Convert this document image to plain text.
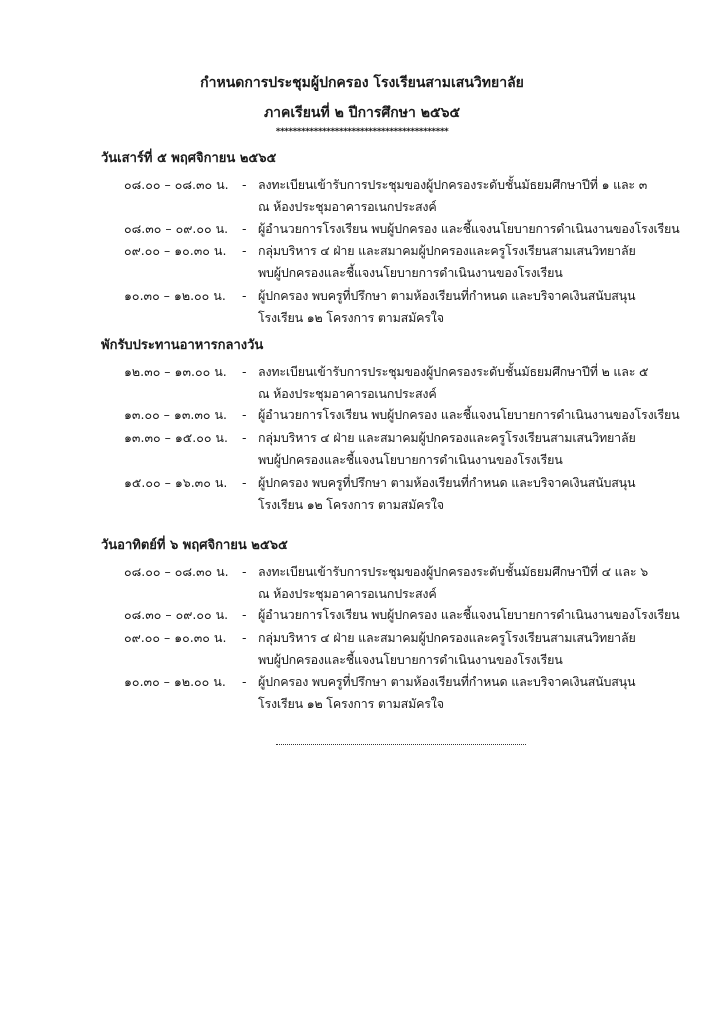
กำหนดการประชุมผู้ปกครอง โรงเรียนสามเสนวิทยาลัย
ภาคเรียนที่ ๒ ปีการศึกษา ๒๕๖๕
*****************************************
วันเสาร์ที่ ๕ พฤศจิกายน ๒๕๖๕
๐๘.๐๐ – ๐๘.๓๐ น. - ลงทะเบียนเข้ารับการประชุมของผู้ปกครองระดับชั้นมัธยมศึกษาปีที่ ๑ และ ๓
ณ ห้องประชุมอาคารอเนกประสงค์
๐๘.๓๐ – ๐๙.๐๐ น. - ผู้อำนวยการโรงเรียน พบผู้ปกครอง และชี้แจงนโยบายการดำเนินงานของโรงเรียน
๐๙.๐๐ – ๑๐.๓๐ น. - กลุ่มบริหาร ๔ ฝ่าย และสมาคมผู้ปกครองและครูโรงเรียนสามเสนวิทยาลัย
พบผู้ปกครองและชี้แจงนโยบายการดำเนินงานของโรงเรียน
๑๐.๓๐ – ๑๒.๐๐ น. - ผู้ปกครอง พบครูที่ปรึกษา ตามห้องเรียนที่กำหนด และบริจาคเงินสนับสนุน
โรงเรียน ๑๒ โครงการ ตามสมัครใจ
พักรับประทานอาหารกลางวัน
๑๒.๓๐ – ๑๓.๐๐ น. - ลงทะเบียนเข้ารับการประชุมของผู้ปกครองระดับชั้นมัธยมศึกษาปีที่ ๒ และ ๕
ณ ห้องประชุมอาคารอเนกประสงค์
๑๓.๐๐ – ๑๓.๓๐ น. - ผู้อำนวยการโรงเรียน พบผู้ปกครอง และชี้แจงนโยบายการดำเนินงานของโรงเรียน
๑๓.๓๐ – ๑๕.๐๐ น. - กลุ่มบริหาร ๔ ฝ่าย และสมาคมผู้ปกครองและครูโรงเรียนสามเสนวิทยาลัย
พบผู้ปกครองและชี้แจงนโยบายการดำเนินงานของโรงเรียน
๑๕.๐๐ – ๑๖.๓๐ น. - ผู้ปกครอง พบครูที่ปรึกษา ตามห้องเรียนที่กำหนด และบริจาคเงินสนับสนุน
โรงเรียน ๑๒ โครงการ ตามสมัครใจ
วันอาทิตย์ที่ ๖ พฤศจิกายน ๒๕๖๕
๐๘.๐๐ – ๐๘.๓๐ น. - ลงทะเบียนเข้ารับการประชุมของผู้ปกครองระดับชั้นมัธยมศึกษาปีที่ ๔ และ ๖
ณ ห้องประชุมอาคารอเนกประสงค์
๐๘.๓๐ – ๐๙.๐๐ น. - ผู้อำนวยการโรงเรียน พบผู้ปกครอง และชี้แจงนโยบายการดำเนินงานของโรงเรียน
๐๙.๐๐ – ๑๐.๓๐ น. - กลุ่มบริหาร ๔ ฝ่าย และสมาคมผู้ปกครองและครูโรงเรียนสามเสนวิทยาลัย
พบผู้ปกครองและชี้แจงนโยบายการดำเนินงานของโรงเรียน
๑๐.๓๐ – ๑๒.๐๐ น. - ผู้ปกครอง พบครูที่ปรึกษา ตามห้องเรียนที่กำหนด และบริจาคเงินสนับสนุน
โรงเรียน ๑๒ โครงการ ตามสมัครใจ
